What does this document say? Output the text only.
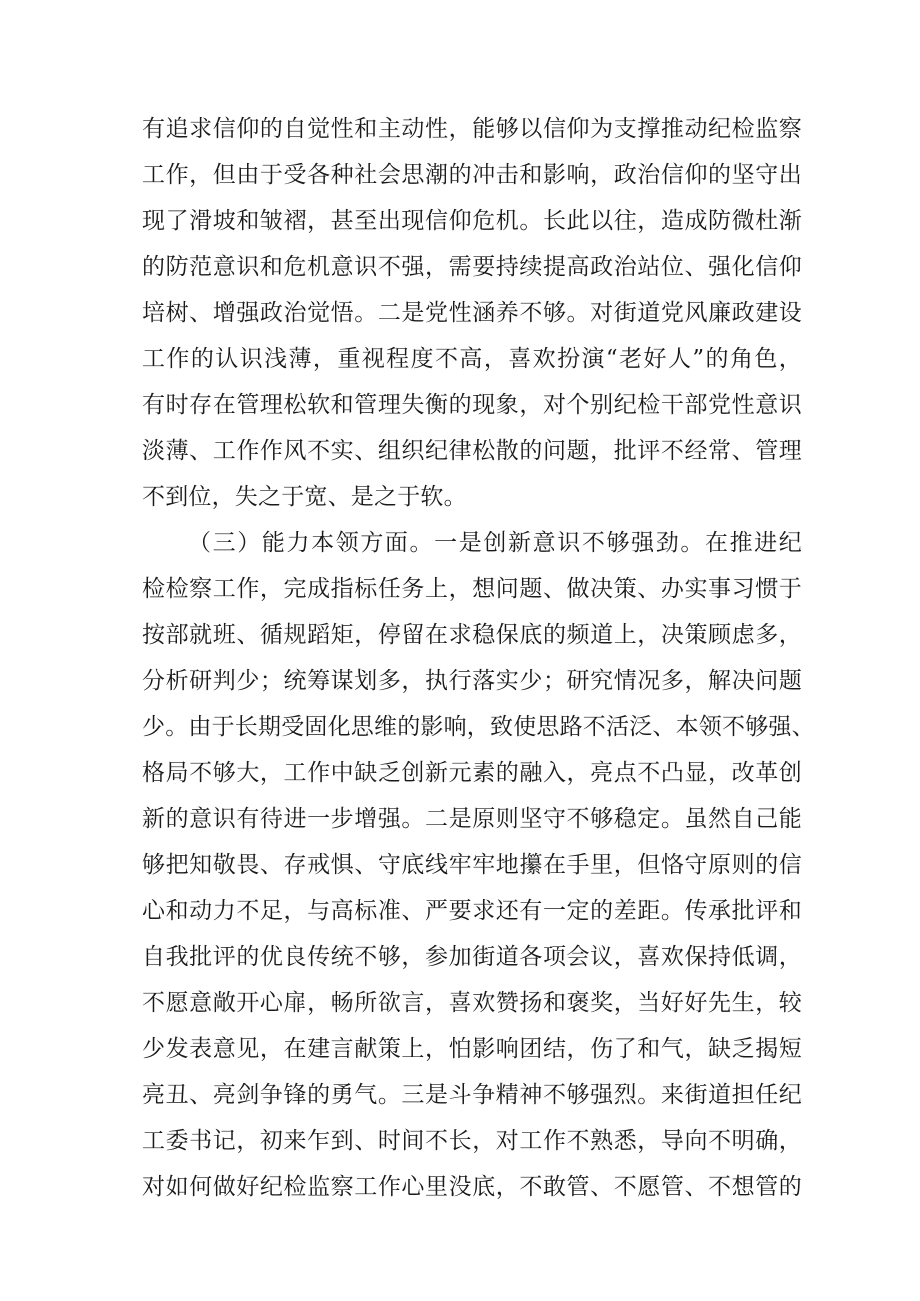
有追求信仰的自觉性和主动性，能够以信仰为支撑推动纪检监察
工作，但由于受各种社会思潮的冲击和影响，政治信仰的坚守出
现了滑坡和皱褶，甚至出现信仰危机。长此以往，造成防微杜渐
的防范意识和危机意识不强，需要持续提高政治站位、强化信仰
培树、增强政治觉悟。二是党性涵养不够。对街道党风廉政建设
工作的认识浅薄，重视程度不高，喜欢扮演“老好人”的角色，
有时存在管理松软和管理失衡的现象，对个别纪检干部党性意识
淡薄、工作作风不实、组织纪律松散的问题，批评不经常、管理
不到位，失之于宽、是之于软。
（三）能力本领方面。一是创新意识不够强劲。在推进纪
检检察工作，完成指标任务上，想问题、做决策、办实事习惯于
按部就班、循规蹈矩，停留在求稳保底的频道上，决策顾虑多，
分析研判少；统筹谋划多，执行落实少；研究情况多，解决问题
少。由于长期受固化思维的影响，致使思路不活泛、本领不够强、
格局不够大，工作中缺乏创新元素的融入，亮点不凸显，改革创
新的意识有待进一步增强。二是原则坚守不够稳定。虽然自己能
够把知敬畏、存戒惧、守底线牢牢地攥在手里，但恪守原则的信
心和动力不足，与高标准、严要求还有一定的差距。传承批评和
自我批评的优良传统不够，参加街道各项会议，喜欢保持低调，
不愿意敞开心扉，畅所欲言，喜欢赞扬和褒奖，当好好先生，较
少发表意见，在建言献策上，怕影响团结，伤了和气，缺乏揭短
亮丑、亮剑争锋的勇气。三是斗争精神不够强烈。来街道担任纪
工委书记，初来乍到、时间不长，对工作不熟悉，导向不明确，
对如何做好纪检监察工作心里没底，不敢管、不愿管、不想管的
